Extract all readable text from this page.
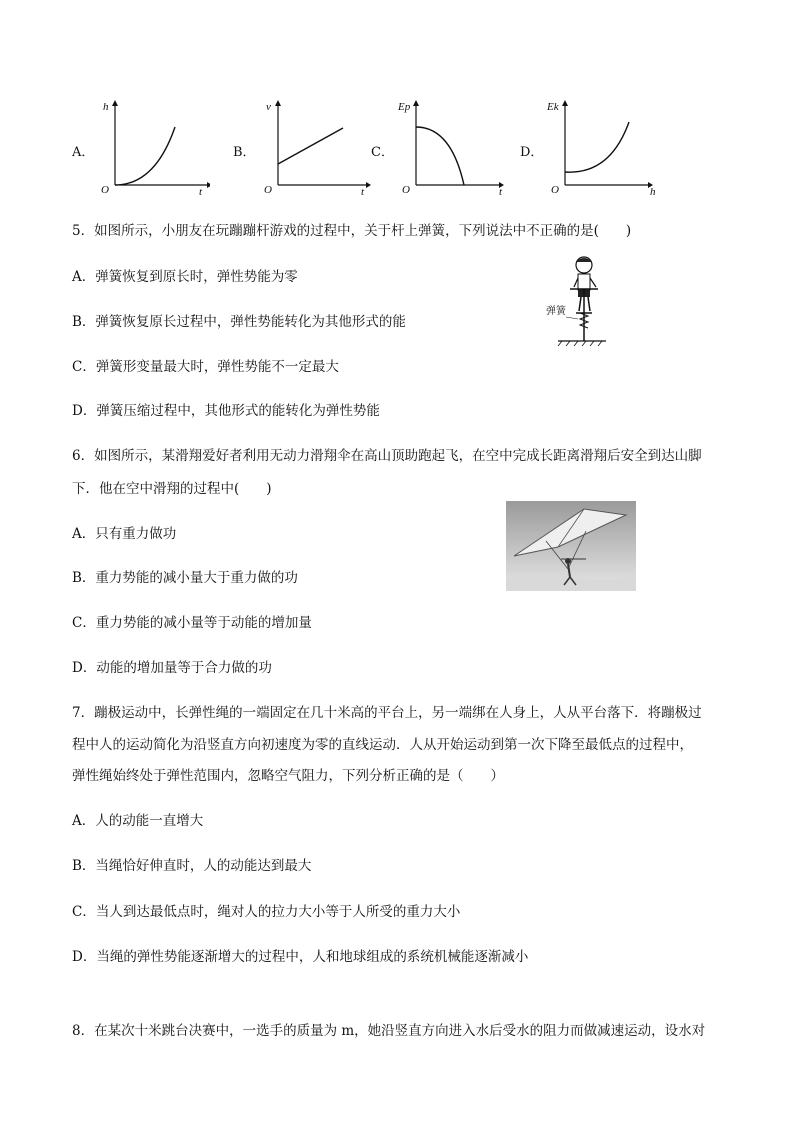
A．
h
O	t
B．
v
O	t
C．
Ep
O	t
D．
Ek
O	h
5．如图所示，小朋友在玩蹦蹦杆游戏的过程中，关于杆上弹簧，下列说法中不正确的是(　　)
A．弹簧恢复到原长时，弹性势能为零
B．弹簧恢复原长过程中，弹性势能转化为其他形式的能
C．弹簧形变量最大时，弹性势能不一定最大
D．弹簧压缩过程中，其他形式的能转化为弹性势能
弹簧
6．如图所示，某滑翔爱好者利用无动力滑翔伞在高山顶助跑起飞，在空中完成长距离滑翔后安全到达山脚
下．他在空中滑翔的过程中(　　)
A．只有重力做功
B．重力势能的减小量大于重力做的功
C．重力势能的减小量等于动能的增加量
D．动能的增加量等于合力做的功
7．蹦极运动中，长弹性绳的一端固定在几十米高的平台上，另一端绑在人身上，人从平台落下．将蹦极过
程中人的运动简化为沿竖直方向初速度为零的直线运动．人从开始运动到第一次下降至最低点的过程中，
弹性绳始终处于弹性范围内，忽略空气阻力，下列分析正确的是（　　）
A．人的动能一直增大
B．当绳恰好伸直时，人的动能达到最大
C．当人到达最低点时，绳对人的拉力大小等于人所受的重力大小
D．当绳的弹性势能逐渐增大的过程中，人和地球组成的系统机械能逐渐减小
8．在某次十米跳台决赛中，一选手的质量为 m，她沿竖直方向进入水后受水的阻力而做减速运动，设水对
